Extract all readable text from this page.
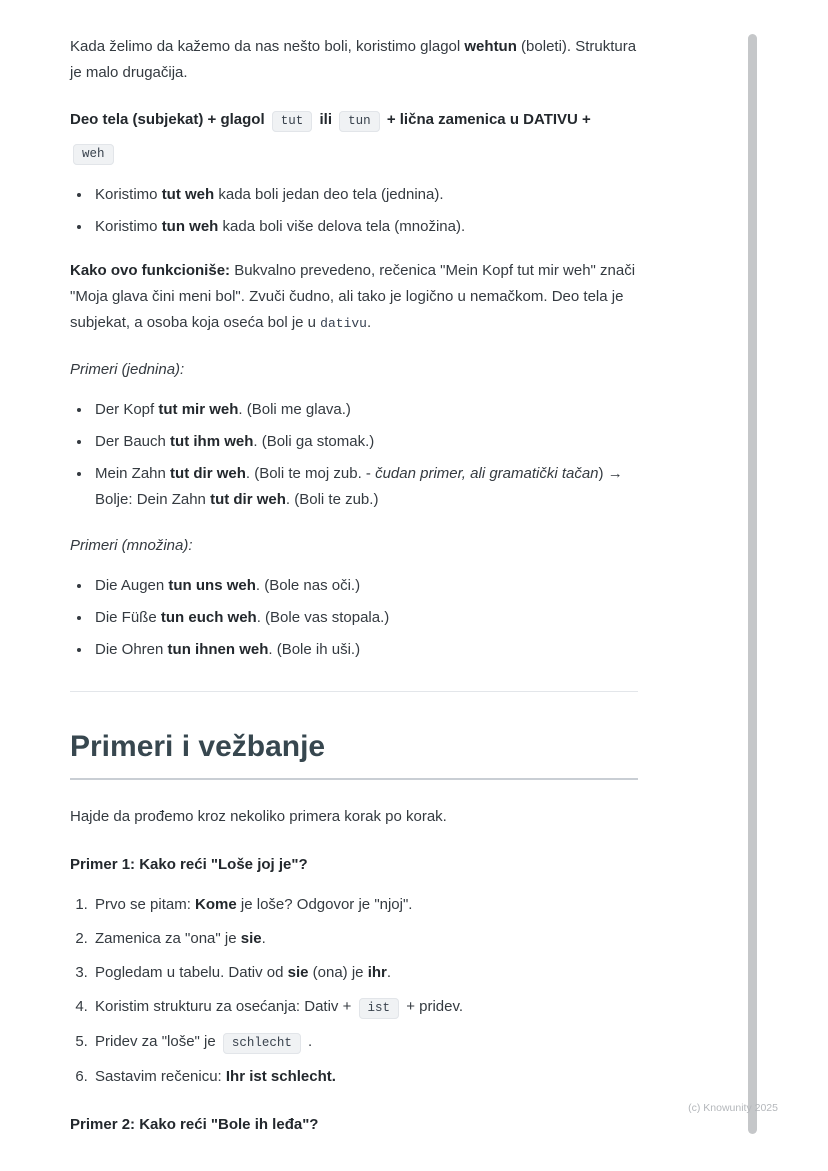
Kada želimo da kažemo da nas nešto boli, koristimo glagol wehtun (boleti). Struktura je malo drugačija.

Deo tela (subjekat) + glagol tut ili tun + lična zamenica u DATIVU + weh

• Koristimo tut weh kada boli jedan deo tela (jednina).
• Koristimo tun weh kada boli više delova tela (množina).

Kako ovo funkcioniše: Bukvalno prevedeno, rečenica "Mein Kopf tut mir weh" znači "Moja glava čini meni bol". Zvuči čudno, ali tako je logično u nemačkom. Deo tela je subjekat, a osoba koja oseća bol je u dativu.

Primeri (jednina):

• Der Kopf tut mir weh. (Boli me glava.)
• Der Bauch tut ihm weh. (Boli ga stomak.)
• Mein Zahn tut dir weh. (Boli te moj zub. - čudan primer, ali gramatički tačan) → Bolje: Dein Zahn tut dir weh. (Boli te zub.)

Primeri (množina):

• Die Augen tun uns weh. (Bole nas oči.)
• Die Füße tun euch weh. (Bole vas stopala.)
• Die Ohren tun ihnen weh. (Bole ih uši.)
Primeri i vežbanje

Hajde da prođemo kroz nekoliko primera korak po korak.

Primer 1: Kako reći "Loše joj je"?

1. Prvo se pitam: Kome je loše? Odgovor je "njoj".
2. Zamenica za "ona" je sie.
3. Pogledam u tabelu. Dativ od sie (ona) je ihr.
4. Koristim strukturu za osećanja: Dativ + ist + pridev.
5. Pridev za "loše" je schlecht .
6. Sastavim rečenicu: Ihr ist schlecht.

Primer 2: Kako reći "Bole ih leđa"?

(c) Knowunity 2025
